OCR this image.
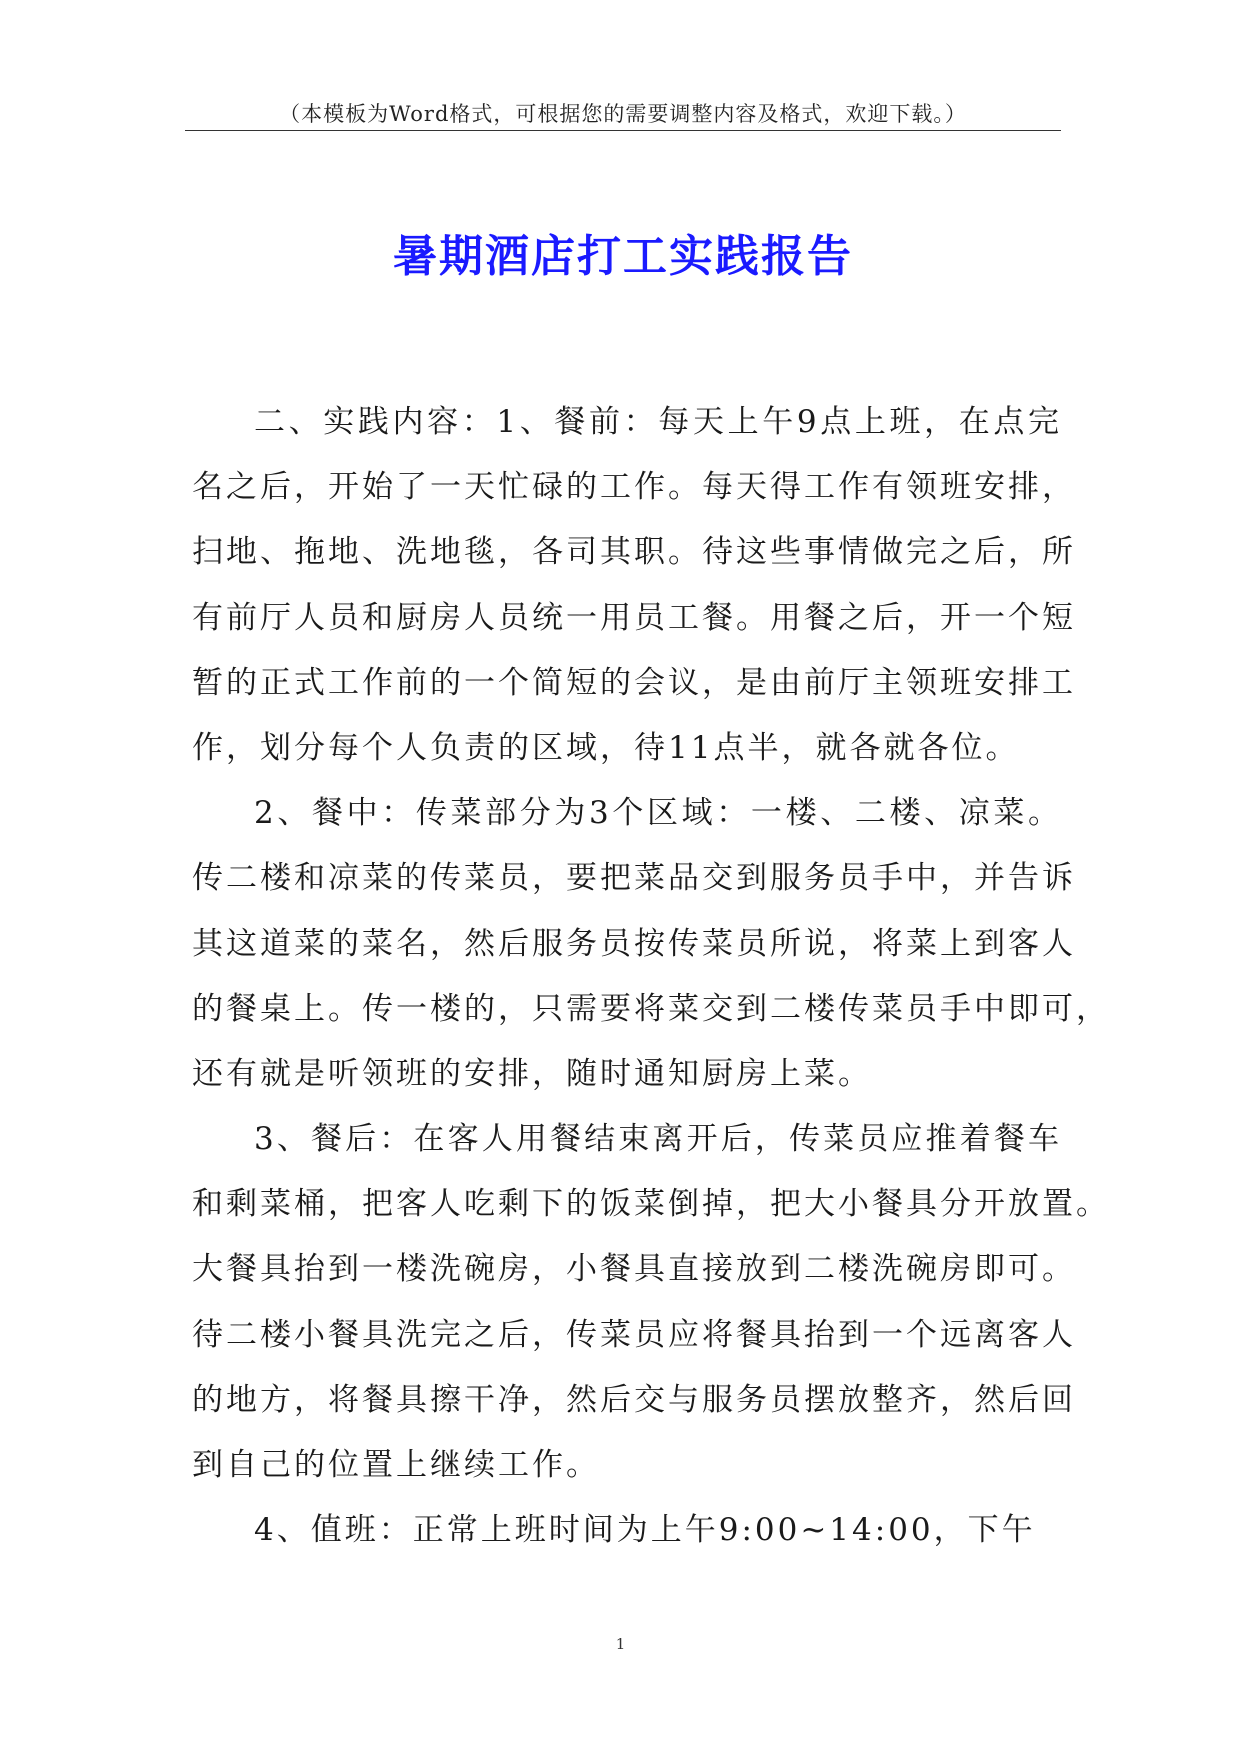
（本模板为Word格式，可根据您的需要调整内容及格式，欢迎下载。）
暑期酒店打工实践报告
二、实践内容：1、餐前：每天上午9点上班，在点完
名之后，开始了一天忙碌的工作。每天得工作有领班安排，
扫地、拖地、洗地毯，各司其职。待这些事情做完之后，所
有前厅人员和厨房人员统一用员工餐。用餐之后，开一个短
暂的正式工作前的一个简短的会议，是由前厅主领班安排工
作，划分每个人负责的区域，待11点半，就各就各位。
2、餐中：传菜部分为3个区域：一楼、二楼、凉菜。
传二楼和凉菜的传菜员，要把菜品交到服务员手中，并告诉
其这道菜的菜名，然后服务员按传菜员所说，将菜上到客人
的餐桌上。传一楼的，只需要将菜交到二楼传菜员手中即可，
还有就是听领班的安排，随时通知厨房上菜。
3、餐后：在客人用餐结束离开后，传菜员应推着餐车
和剩菜桶，把客人吃剩下的饭菜倒掉，把大小餐具分开放置。
大餐具抬到一楼洗碗房，小餐具直接放到二楼洗碗房即可。
待二楼小餐具洗完之后，传菜员应将餐具抬到一个远离客人
的地方，将餐具擦干净，然后交与服务员摆放整齐，然后回
到自己的位置上继续工作。
4、值班：正常上班时间为上午9:00~14:00，下午
1
